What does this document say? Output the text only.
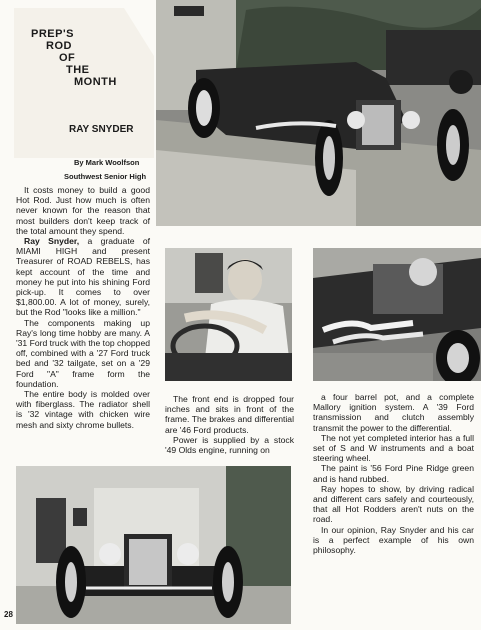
PREP'S
ROD
OF
THE
MONTH
RAY SNYDER
By Mark Woolfson
Southwest Senior High

It costs money to build a good Hot Rod. Just how much is often never known for the reason that most builders don't keep track of the total amount they spend.

Ray Snyder, a graduate of MIAMI HIGH and present Treasurer of ROAD REBELS, has kept account of the time and money he put into his shining Ford pick-up. It comes to over $1,800.00. A lot of money, surely, but the Rod "looks like a million."

The components making up Ray's long time hobby are many. A '31 Ford truck with the top chopped off, combined with a '27 Ford truck bed and '32 tailgate, set on a '29 Ford "A" frame form the foundation.

The entire body is molded over with fiberglass. The radiator shell is '32 vintage with chicken wire mesh and sixty chrome bullets.

The front end is dropped four inches and sits in front of the frame. The brakes and differential are '46 Ford products.

Power is supplied by a stock '49 Olds engine, running on

a four barrel pot, and a complete Mallory ignition system. A '39 Ford transmission and clutch assembly transmit the power to the differential.

The not yet completed interior has a full set of S and W instruments and a boat steering wheel.

The paint is '56 Ford Pine Ridge green and is hand rubbed.

Ray hopes to show, by driving radical and different cars safely and courteously, that all Hot Rodders aren't nuts on the road.

In our opinion, Ray Snyder and his car is a perfect example of his own philosophy.

28
